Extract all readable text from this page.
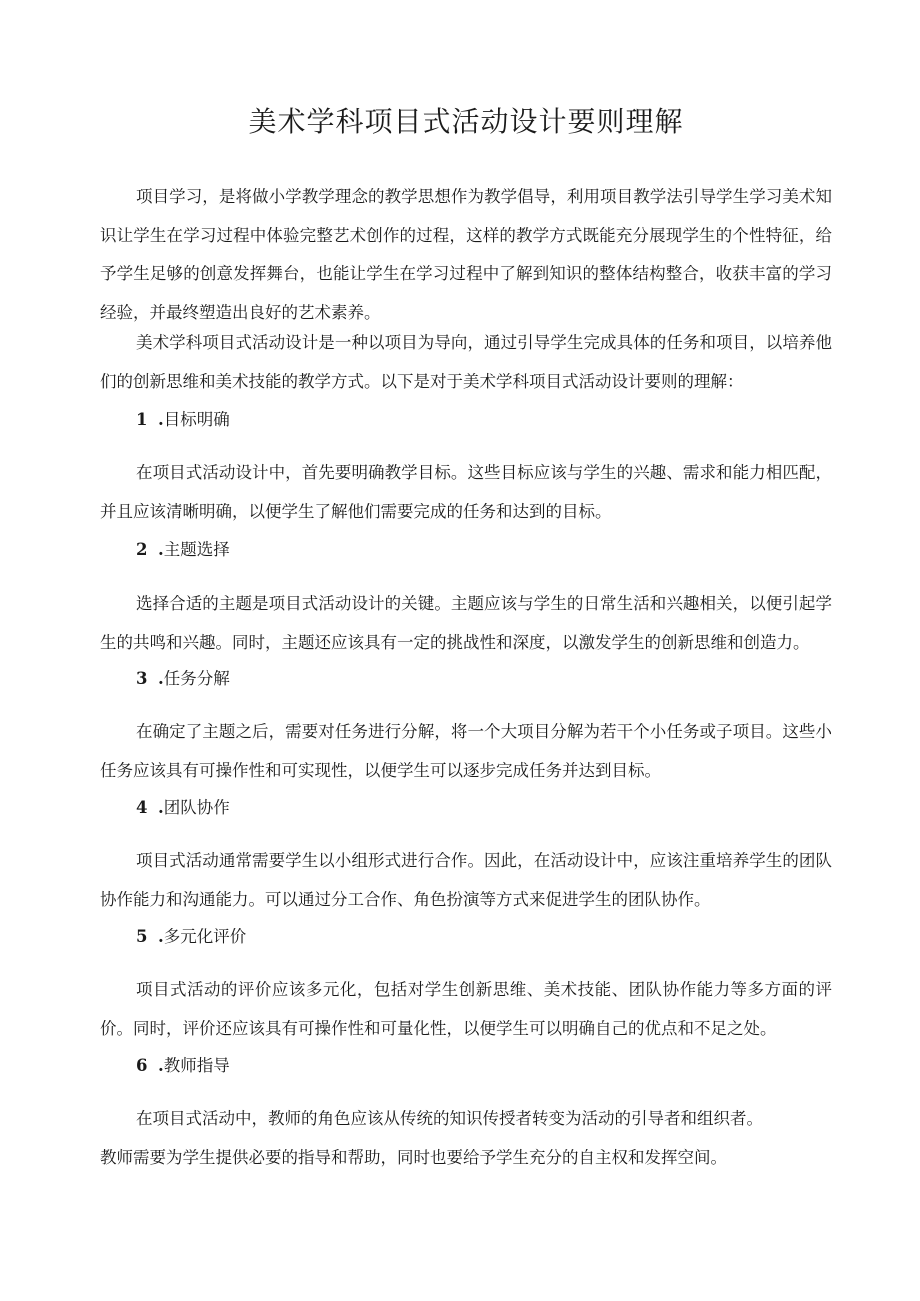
美术学科项目式活动设计要则理解

项目学习，是将做小学教学理念的教学思想作为教学倡导，利用项目教学法引导学生学习美术知识让学生在学习过程中体验完整艺术创作的过程，这样的教学方式既能充分展现学生的个性特征，给予学生足够的创意发挥舞台，也能让学生在学习过程中了解到知识的整体结构整合，收获丰富的学习经验，并最终塑造出良好的艺术素养。

美术学科项目式活动设计是一种以项目为导向，通过引导学生完成具体的任务和项目，以培养他们的创新思维和美术技能的教学方式。以下是对于美术学科项目式活动设计要则的理解：

1 .目标明确

在项目式活动设计中，首先要明确教学目标。这些目标应该与学生的兴趣、需求和能力相匹配，并且应该清晰明确，以便学生了解他们需要完成的任务和达到的目标。

2 .主题选择

选择合适的主题是项目式活动设计的关键。主题应该与学生的日常生活和兴趣相关，以便引起学生的共鸣和兴趣。同时，主题还应该具有一定的挑战性和深度，以激发学生的创新思维和创造力。

3 .任务分解

在确定了主题之后，需要对任务进行分解，将一个大项目分解为若干个小任务或子项目。这些小任务应该具有可操作性和可实现性，以便学生可以逐步完成任务并达到目标。

4 .团队协作

项目式活动通常需要学生以小组形式进行合作。因此，在活动设计中，应该注重培养学生的团队协作能力和沟通能力。可以通过分工合作、角色扮演等方式来促进学生的团队协作。

5 .多元化评价

项目式活动的评价应该多元化，包括对学生创新思维、美术技能、团队协作能力等多方面的评价。同时，评价还应该具有可操作性和可量化性，以便学生可以明确自己的优点和不足之处。

6 .教师指导

在项目式活动中，教师的角色应该从传统的知识传授者转变为活动的引导者和组织者。
教师需要为学生提供必要的指导和帮助，同时也要给予学生充分的自主权和发挥空间。
